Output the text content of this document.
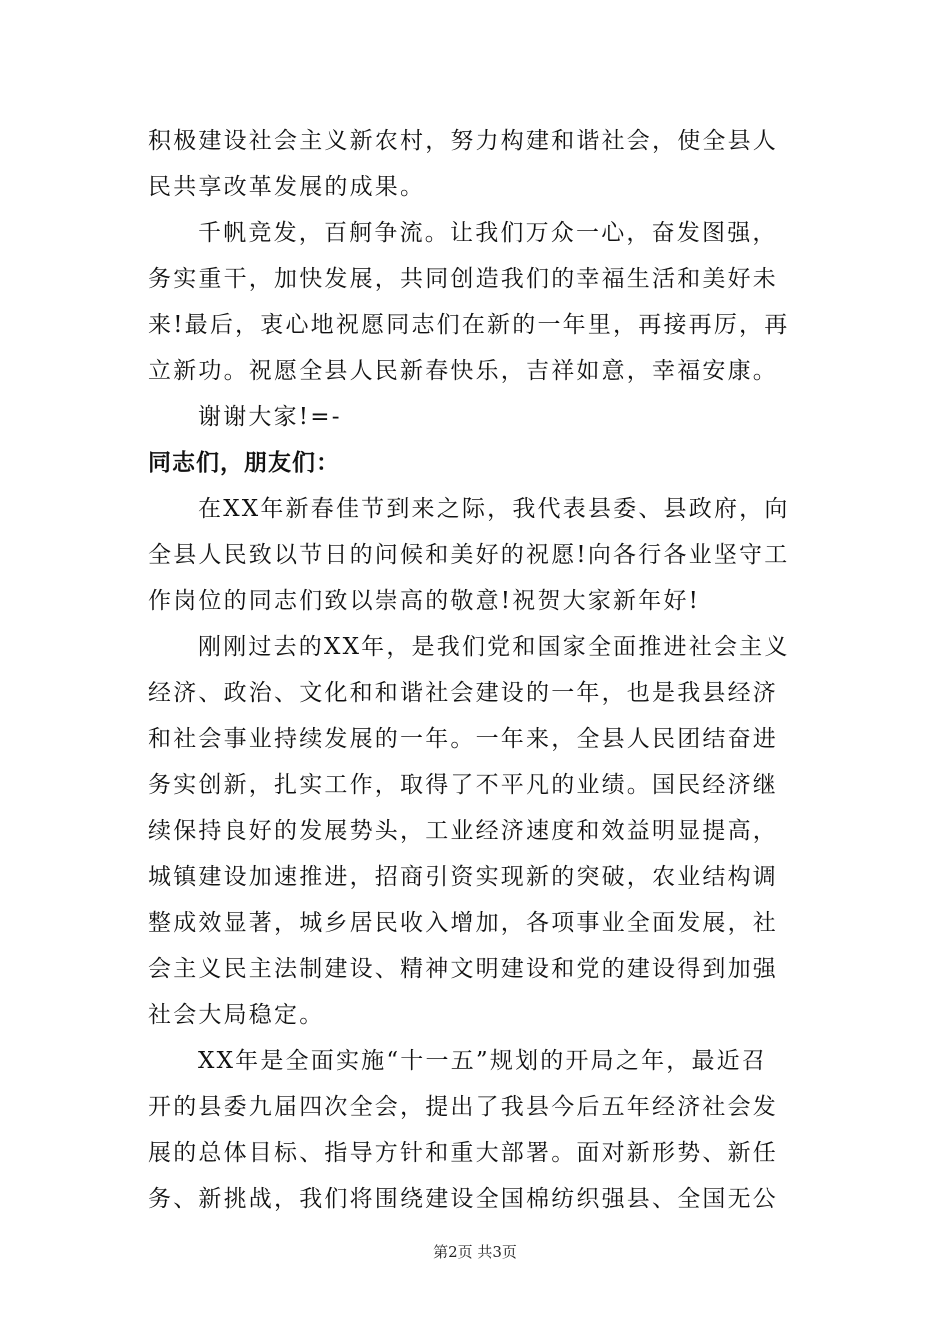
积极建设社会主义新农村，努力构建和谐社会，使全县人
民共享改革发展的成果。
千帆竞发，百舸争流。让我们万众一心，奋发图强，
务实重干，加快发展，共同创造我们的幸福生活和美好未
来!最后，衷心地祝愿同志们在新的一年里，再接再厉，再
立新功。祝愿全县人民新春快乐，吉祥如意，幸福安康。
谢谢大家!=-
同志们，朋友们：
在XX年新春佳节到来之际，我代表县委、县政府，向
全县人民致以节日的问候和美好的祝愿!向各行各业坚守工
作岗位的同志们致以崇高的敬意!祝贺大家新年好!
刚刚过去的XX年，是我们党和国家全面推进社会主义
经济、政治、文化和和谐社会建设的一年，也是我县经济
和社会事业持续发展的一年。一年来，全县人民团结奋进
务实创新，扎实工作，取得了不平凡的业绩。国民经济继
续保持良好的发展势头，工业经济速度和效益明显提高，
城镇建设加速推进，招商引资实现新的突破，农业结构调
整成效显著，城乡居民收入增加，各项事业全面发展，社
会主义民主法制建设、精神文明建设和党的建设得到加强
社会大局稳定。
XX年是全面实施“十一五”规划的开局之年，最近召
开的县委九届四次全会，提出了我县今后五年经济社会发
展的总体目标、指导方针和重大部署。面对新形势、新任
务、新挑战，我们将围绕建设全国棉纺织强县、全国无公
第2页 共3页
